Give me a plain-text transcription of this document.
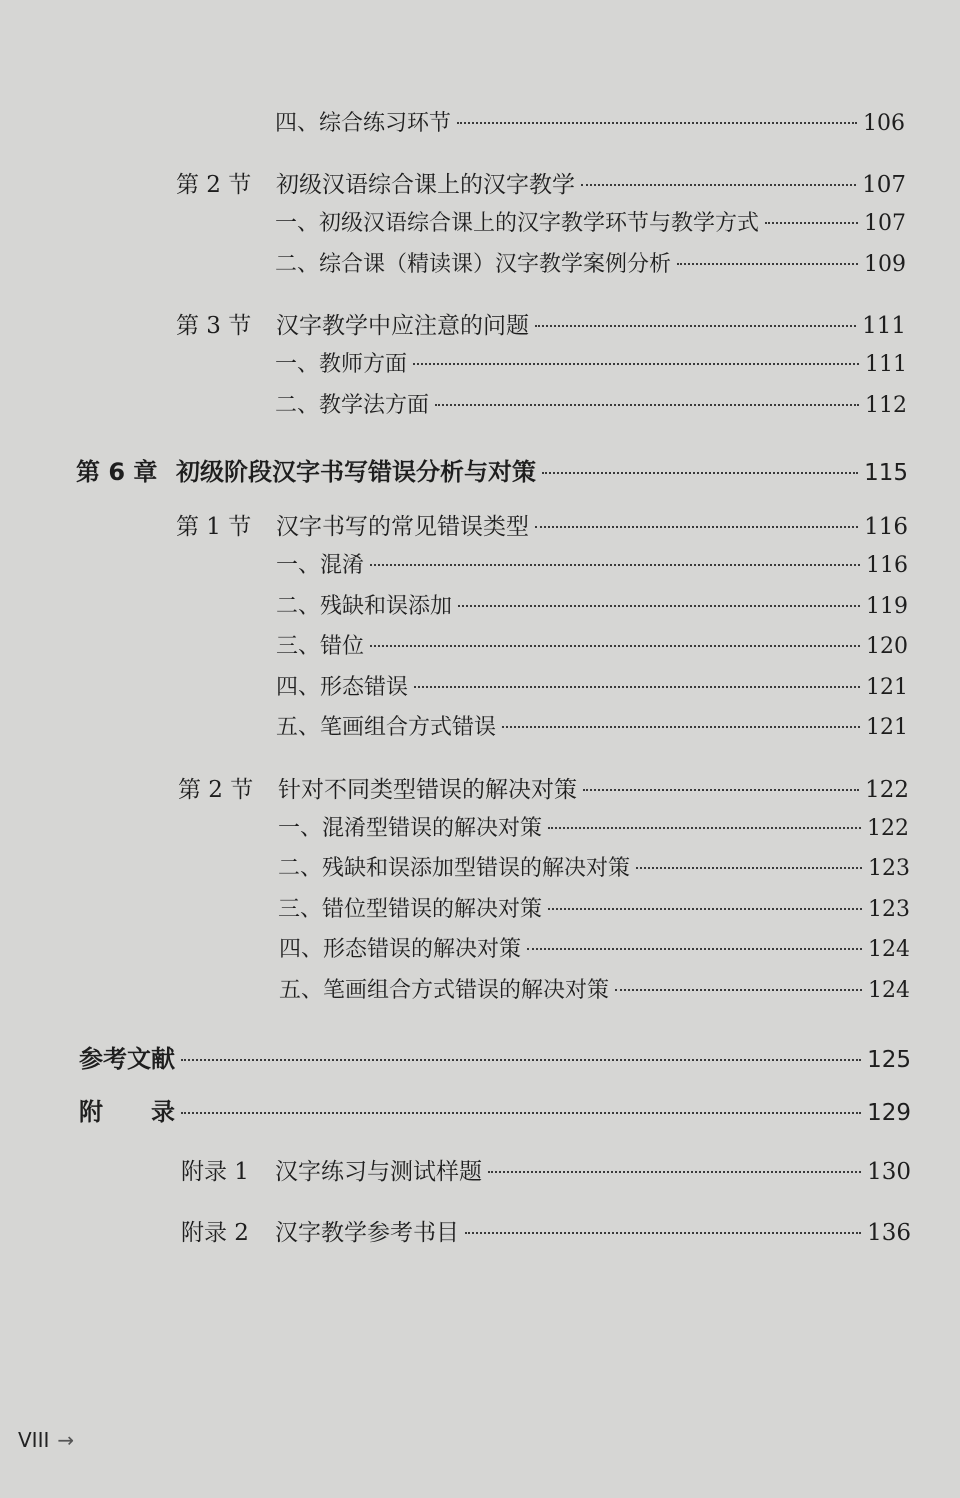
四、综合练习环节	106
第 2 节	初级汉语综合课上的汉字教学	107
一、初级汉语综合课上的汉字教学环节与教学方式	107
二、综合课（精读课）汉字教学案例分析	109
第 3 节	汉字教学中应注意的问题	111
一、教师方面	111
二、教学法方面	112
第 6 章 初级阶段汉字书写错误分析与对策	115
第 1 节	汉字书写的常见错误类型	116
一、混淆	116
二、残缺和误添加	119
三、错位	120
四、形态错误	121
五、笔画组合方式错误	121
第 2 节	针对不同类型错误的解决对策	122
一、混淆型错误的解决对策	122
二、残缺和误添加型错误的解决对策	123
三、错位型错误的解决对策	123
四、形态错误的解决对策	124
五、笔画组合方式错误的解决对策	124
参考文献	125
附　　录	129
附录 1	汉字练习与测试样题	130
附录 2	汉字教学参考书目	136
VIII →
